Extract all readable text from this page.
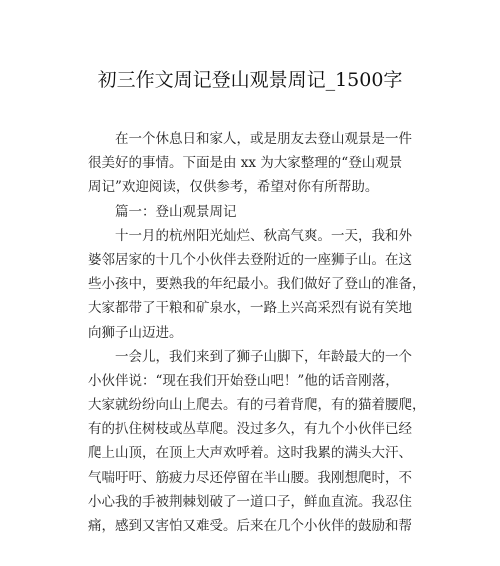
初三作文周记登山观景周记_1500字
在一个休息日和家人，或是朋友去登山观景是一件
很美好的事情。下面是由 xx 为大家整理的“登山观景
周记”欢迎阅读，仅供参考，希望对你有所帮助。
篇一：登山观景周记
十一月的杭州阳光灿烂、秋高气爽。一天，我和外
婆邻居家的十几个小伙伴去登附近的一座狮子山。在这
些小孩中，要熟我的年纪最小。我们做好了登山的准备，
大家都带了干粮和矿泉水，一路上兴高采烈有说有笑地
向狮子山迈进。
一会儿，我们来到了狮子山脚下，年龄最大的一个
小伙伴说：“现在我们开始登山吧！”他的话音刚落，
大家就纷纷向山上爬去。有的弓着背爬，有的猫着腰爬，
有的扒住树枝或丛草爬。没过多久，有九个小伙伴已经
爬上山顶，在顶上大声欢呼着。这时我累的满头大汗、
气喘吁吁、筋疲力尽还停留在半山腰。我刚想爬时，不
小心我的手被荆棘划破了一道口子，鲜血直流。我忍住
痛，感到又害怕又难受。后来在几个小伙伴的鼓励和帮
